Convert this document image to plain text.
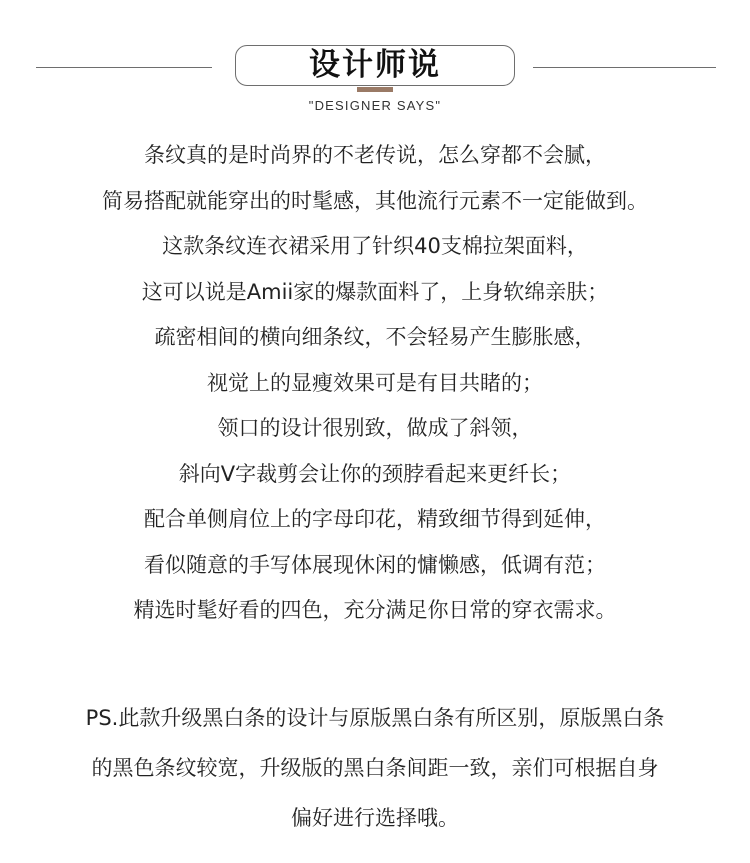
设计师说
"DESIGNER SAYS"
条纹真的是时尚界的不老传说，怎么穿都不会腻，
简易搭配就能穿出的时髦感，其他流行元素不一定能做到。
这款条纹连衣裙采用了针织40支棉拉架面料，
这可以说是Amii家的爆款面料了，上身软绵亲肤；
疏密相间的横向细条纹，不会轻易产生膨胀感，
视觉上的显瘦效果可是有目共睹的；
领口的设计很别致，做成了斜领，
斜向V字裁剪会让你的颈脖看起来更纤长；
配合单侧肩位上的字母印花，精致细节得到延伸，
看似随意的手写体展现休闲的慵懒感，低调有范；
精选时髦好看的四色，充分满足你日常的穿衣需求。
PS.此款升级黑白条的设计与原版黑白条有所区别，原版黑白条
的黑色条纹较宽，升级版的黑白条间距一致，亲们可根据自身
偏好进行选择哦。
